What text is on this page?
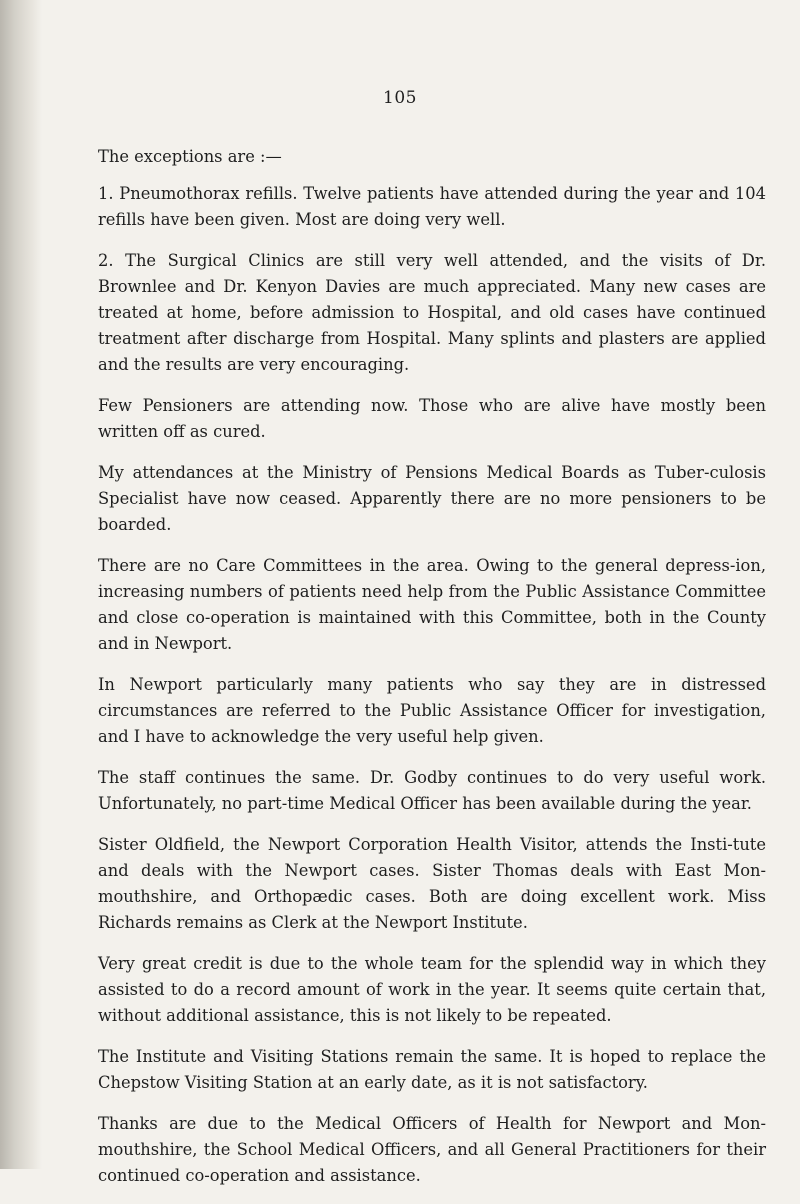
105

The exceptions are :—

1. Pneumothorax refills. Twelve patients have attended during the year and 104 refills have been given. Most are doing very well.

2. The Surgical Clinics are still very well attended, and the visits of Dr. Brownlee and Dr. Kenyon Davies are much appreciated. Many new cases are treated at home, before admission to Hospital, and old cases have continued treatment after discharge from Hospital. Many splints and plasters are applied and the results are very encouraging.

Few Pensioners are attending now. Those who are alive have mostly been written off as cured.

My attendances at the Ministry of Pensions Medical Boards as Tuber-culosis Specialist have now ceased. Apparently there are no more pensioners to be boarded.

There are no Care Committees in the area. Owing to the general depress-ion, increasing numbers of patients need help from the Public Assistance Committee and close co-operation is maintained with this Committee, both in the County and in Newport.

In Newport particularly many patients who say they are in distressed circumstances are referred to the Public Assistance Officer for investigation, and I have to acknowledge the very useful help given.

The staff continues the same. Dr. Godby continues to do very useful work. Unfortunately, no part-time Medical Officer has been available during the year.

Sister Oldfield, the Newport Corporation Health Visitor, attends the Insti-tute and deals with the Newport cases. Sister Thomas deals with East Mon-mouthshire, and Orthopædic cases. Both are doing excellent work. Miss Richards remains as Clerk at the Newport Institute.

Very great credit is due to the whole team for the splendid way in which they assisted to do a record amount of work in the year. It seems quite certain that, without additional assistance, this is not likely to be repeated.

The Institute and Visiting Stations remain the same. It is hoped to replace the Chepstow Visiting Station at an early date, as it is not satisfactory.

Thanks are due to the Medical Officers of Health for Newport and Mon-mouthshire, the School Medical Officers, and all General Practitioners for their continued co-operation and assistance.
